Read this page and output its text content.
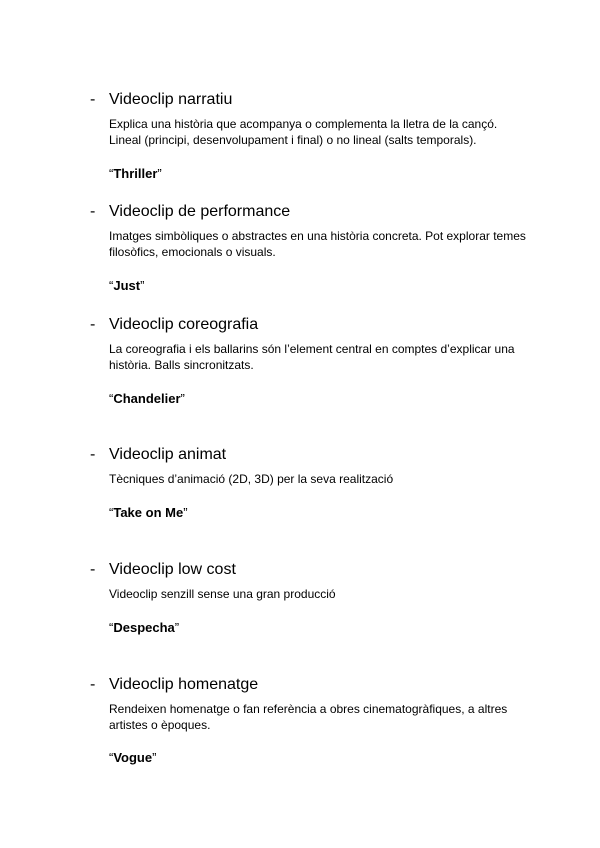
- Videoclip narratiu
Explica una història que acompanya o complementa la lletra de la cançó. Lineal (principi, desenvolupament i final) o no lineal (salts temporals).
“Thriller”
- Videoclip de performance
Imatges simbòliques o abstractes en una història concreta. Pot explorar temes filosòfics, emocionals o visuals.
“Just”
- Videoclip coreografia
La coreografia i els ballarins són l’element central en comptes d’explicar una història. Balls sincronitzats.
“Chandelier”
- Videoclip animat
Tècniques d’animació (2D, 3D) per la seva realització
“Take on Me”
- Videoclip low cost
Videoclip senzill sense una gran producció
“Despecha”
- Videoclip homenatge
Rendeixen homenatge o fan referència a obres cinematogràfiques, a altres artistes o èpoques.
“Vogue”
